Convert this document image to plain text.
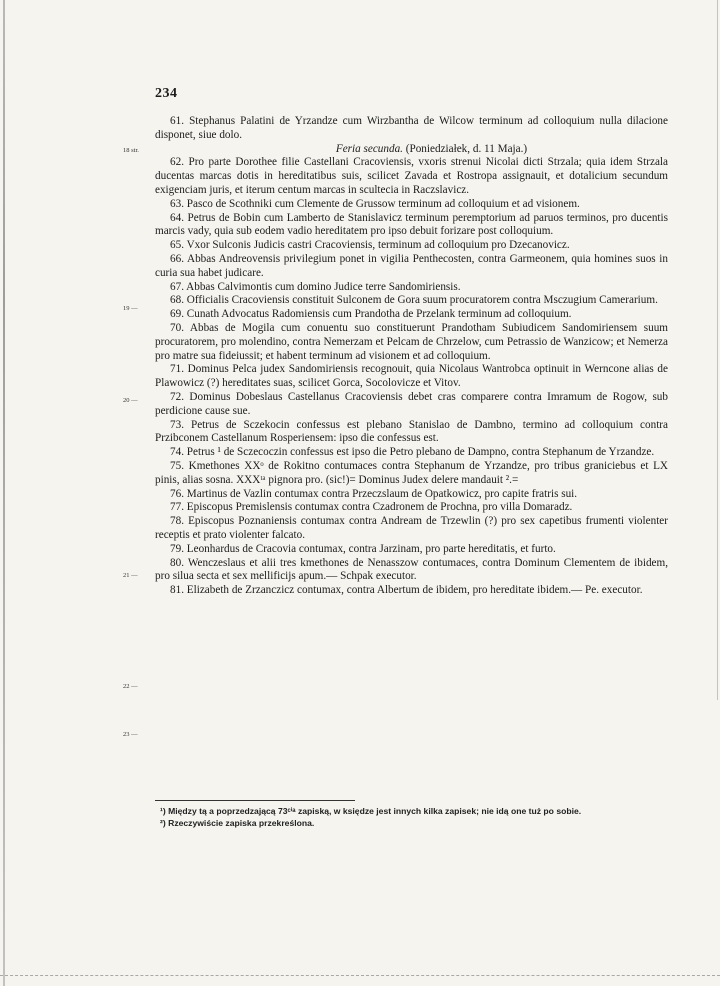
234
18 str.
19 —
20 —
21 —
22 —
23 —

61. Stephanus Palatini de Yrzandze cum Wirzbantha de Wilcow terminum ad colloquium nulla dilacione disponet, siue dolo.

Feria secunda. (Poniedziałek, d. 11 Maja.)

62. Pro parte Dorothee filie Castellani Cracoviensis, vxoris strenui Nicolai dicti Strzala; quia idem Strzala ducentas marcas dotis in hereditatibus suis, scilicet Zavada et Rostropa assignauit, et dotalicium secundum exigenciam juris, et iterum centum marcas in sculteciа in Raczslavicz.

63. Pasco de Scothniki cum Clemente de Grussow terminum ad colloquium et ad visionem.

64. Petrus de Bobin cum Lamberto de Stanislavicz terminum peremptorium ad paruos terminos, pro ducentis marcis vady, quia sub eodem vadio hereditatem pro ipso debuit forizare post colloquium.

65. Vxor Sulconis Judicis castri Cracoviensis, terminum ad colloquium pro Dzecanovicz.

66. Abbas Andreovensis privilegium ponet in vigilia Penthecosten, contra Garmeonem, quia homines suos in curia sua habet judicare.

67. Abbas Calvimontis cum domino Judice terre Sandomiriensis.

68. Officialis Cracoviensis constituit Sulconem de Gora suum procuratorem contra Msczugium Camerarium.

69. Cunath Advocatus Radomiensis cum Prandotha de Przelank terminum ad colloquium.

70. Abbas de Mogila cum conuentu suo constituerunt Prandotham Subiudicem Sandomiriensem suum procuratorem, pro molendino, contra Nemerzam et Pelcam de Chrzelow, cum Petrassio de Wanzicow; et Nemerza pro matre sua fideiussit; et habent terminum ad visionem et ad colloquium.

71. Dominus Pelca judex Sandomiriensis recognouit, quia Nicolaus Wantrobca optinuit in Werncone alias de Plawowicz (?) hereditates suas, scilicet Gorca, Socolovicze et Vitov.

72. Dominus Dobeslaus Castellanus Cracoviensis debet cras comparere contra Imramum de Rogow, sub perdicione cause sue.

73. Petrus de Sczekocin confessus est plebano Stanislao de Dambno, termino ad colloquium contra Przibconem Castellanum Rosperiensem: ipso die confessus est.

74. Petrus ¹ de Sczecoczin confessus est ipso die Petro plebano de Dampno, contra Stephanum de Yrzandze.

75. Kmethones XXᵒ de Rokitno contumaces contra Stephanum de Yrzandze, pro tribus graniciebus et LX pinis, alias sosna. XXXᵗᵃ pignora pro. (sic!)= Dominus Judex delere mandauit ².=

76. Martinus de Vazlin contumax contra Przeczslaum de Opatkowicz, pro capite fratris sui.

77. Episcopus Premislensis contumax contra Czadronem de Prochna, pro villa Domaradz.

78. Episcopus Poznaniensis contumax contra Andream de Trzewlin (?) pro sex capetibus frumenti violenter receptis et prato violenter falcato.

79. Leonhardus de Cracovia contumax, contra Jarzinam, pro parte hereditatis, et furto.

80. Wenczeslaus et alii tres kmethones de Nenasszow contumaces, contra Dominum Clementem de ibidem, pro silua secta et sex mellificijs apum.— Schpak executor.

81. Elizabeth de Zrzanczicz contumax, contra Albertum de ibidem, pro hereditate ibidem.— Pe. executor.

¹) Między tą a poprzedzającą 73ᶜⁱᵃ zapiską, w księdze jest innych kilka zapisek; nie idą one tuż po sobie.

²) Rzeczywiście zapiska przekreślona.
